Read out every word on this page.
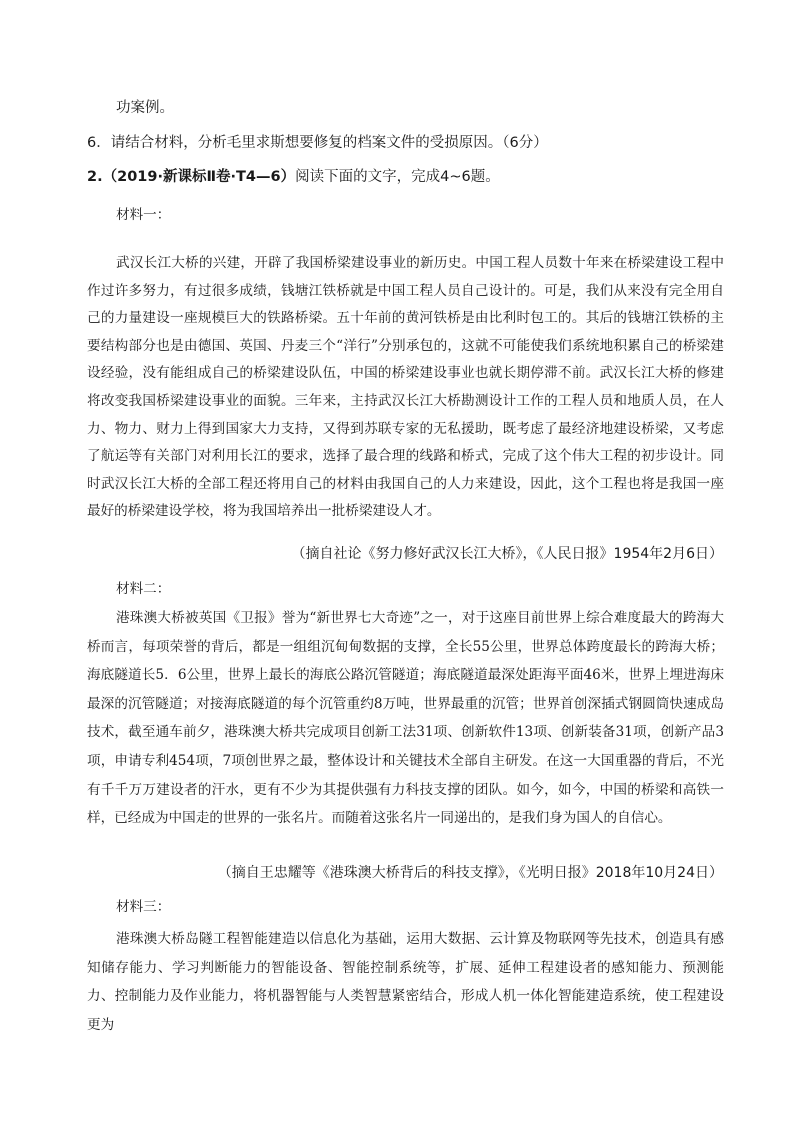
功案例。
6．请结合材料，分析毛里求斯想要修复的档案文件的受损原因。（6分）
2.（2019·新课标Ⅱ卷·T4—6）阅读下面的文字，完成4~6题。
材料一：

武汉长江大桥的兴建，开辟了我国桥梁建设事业的新历史。中国工程人员数十年来在桥梁建设工程中作过许多努力，有过很多成绩，钱塘江铁桥就是中国工程人员自己设计的。可是，我们从来没有完全用自己的力量建设一座规模巨大的铁路桥梁。五十年前的黄河铁桥是由比利时包工的。其后的钱塘江铁桥的主要结构部分也是由德国、英国、丹麦三个“洋行”分别承包的，这就不可能使我们系统地积累自己的桥梁建设经验，没有能组成自己的桥梁建设队伍，中国的桥梁建设事业也就长期停滞不前。武汉长江大桥的修建将改变我国桥梁建设事业的面貌。三年来，主持武汉长江大桥勘测设计工作的工程人员和地质人员，在人力、物力、财力上得到国家大力支持，又得到苏联专家的无私援助，既考虑了最经济地建设桥梁，又考虑了航运等有关部门对利用长江的要求，选择了最合理的线路和桥式，完成了这个伟大工程的初步设计。同时武汉长江大桥的全部工程还将用自己的材料由我国自己的人力来建设，因此，这个工程也将是我国一座最好的桥梁建设学校，将为我国培养出一批桥梁建设人才。

（摘自社论《努力修好武汉长江大桥》，《人民日报》1954年2月6日）
材料二：

港珠澳大桥被英国《卫报》誉为“新世界七大奇迹”之一，对于这座目前世界上综合难度最大的跨海大桥而言，每项荣誉的背后，都是一组组沉甸甸数据的支撑，全长55公里，世界总体跨度最长的跨海大桥；海底隧道长5．6公里，世界上最长的海底公路沉管隧道；海底隧道最深处距海平面46米，世界上埋进海床最深的沉管隧道；对接海底隧道的每个沉管重约8万吨，世界最重的沉管；世界首创深插式钢圆筒快速成岛技术，截至通车前夕，港珠澳大桥共完成项目创新工法31项、创新软件13项、创新装备31项，创新产品3项，申请专利454项，7项创世界之最，整体设计和关键技术全部自主研发。在这一大国重器的背后，不光有千千万万建设者的汗水，更有不少为其提供强有力科技支撑的团队。如今，如今，中国的桥梁和高铁一样，已经成为中国走的世界的一张名片。而随着这张名片一同递出的，是我们身为国人的自信心。

（摘自王忠耀等《港珠澳大桥背后的科技支撑》，《光明日报》2018年10月24日）
材料三：

港珠澳大桥岛隧工程智能建造以信息化为基础，运用大数据、云计算及物联网等先技术，创造具有感知储存能力、学习判断能力的智能设备、智能控制系统等，扩展、延伸工程建设者的感知能力、预测能力、控制能力及作业能力，将机器智能与人类智慧紧密结合，形成人机一体化智能建造系统，使工程建设更为
